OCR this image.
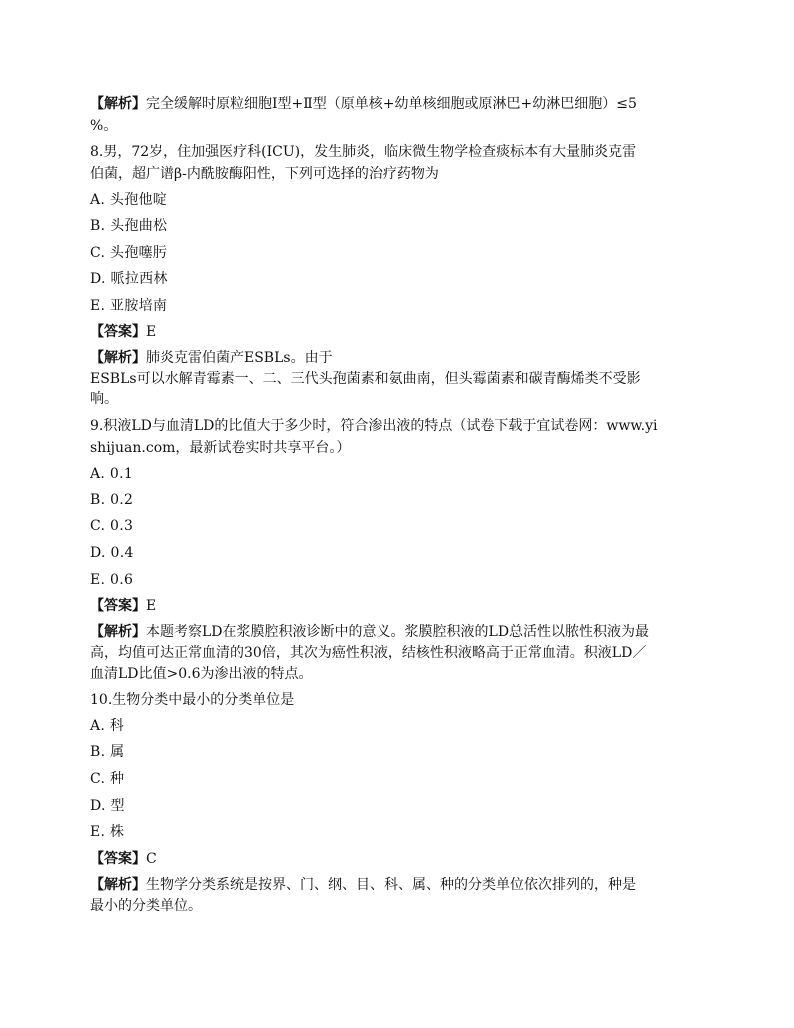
【解析】完全缓解时原粒细胞Ⅰ型+Ⅱ型（原单核+幼单核细胞或原淋巴+幼淋巴细胞）≤5
%。
8.男，72岁，住加强医疗科(ICU)，发生肺炎，临床微生物学检查痰标本有大量肺炎克雷
伯菌，超广谱β-内酰胺酶阳性，下列可选择的治疗药物为
A. 头孢他啶
B. 头孢曲松
C. 头孢噻肟
D. 哌拉西林
E. 亚胺培南
【答案】E
【解析】肺炎克雷伯菌产ESBLs。由于
ESBLs可以水解青霉素一、二、三代头孢菌素和氨曲南，但头霉菌素和碳青酶烯类不受影
响。
9.积液LD与血清LD的比值大于多少时，符合渗出液的特点（试卷下载于宜试卷网：www.yi
shijuan.com，最新试卷实时共享平台。）
A. 0.1
B. 0.2
C. 0.3
D. 0.4
E. 0.6
【答案】E
【解析】本题考察LD在浆膜腔积液诊断中的意义。浆膜腔积液的LD总活性以脓性积液为最
高，均值可达正常血清的30倍，其次为癌性积液，结核性积液略高于正常血清。积液LD／
血清LD比值>0.6为渗出液的特点。
10.生物分类中最小的分类单位是
A. 科
B. 属
C. 种
D. 型
E. 株
【答案】C
【解析】生物学分类系统是按界、门、纲、目、科、属、种的分类单位依次排列的，种是
最小的分类单位。
